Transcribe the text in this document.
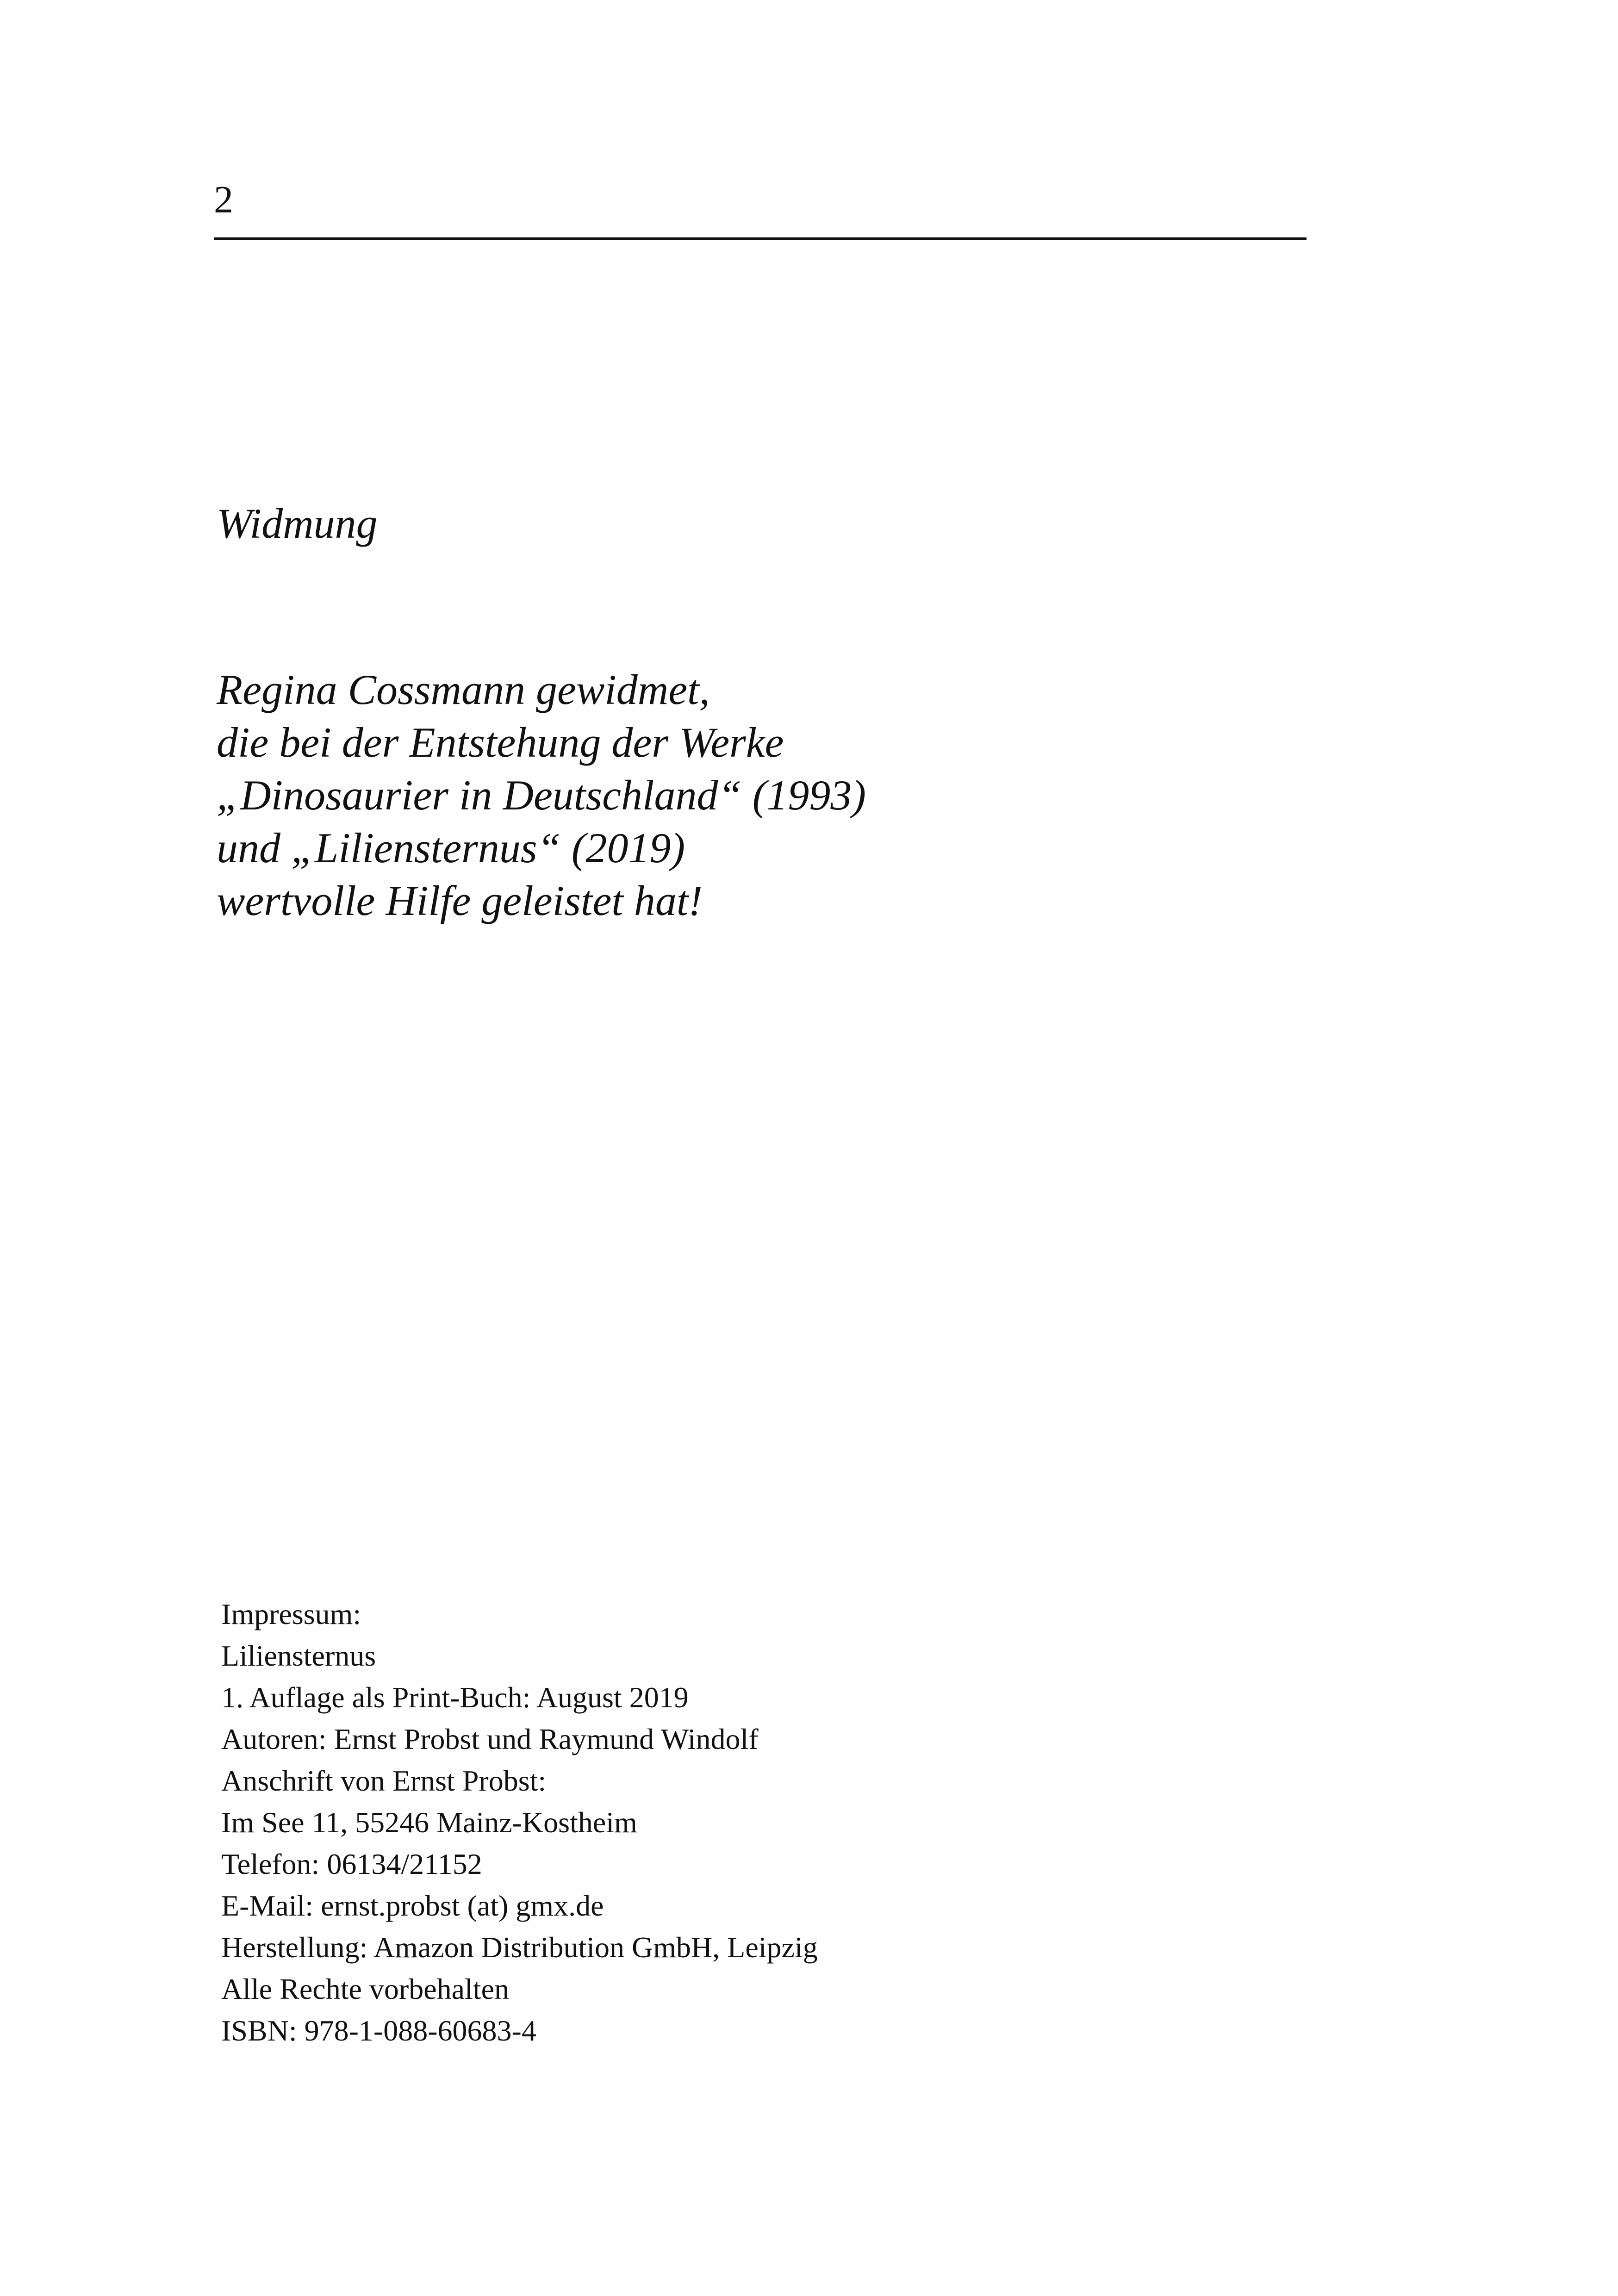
2
Widmung
Regina Cossmann gewidmet,
die bei der Entstehung der Werke
„Dinosaurier in Deutschland“ (1993)
und „Liliensternus“ (2019)
wertvolle Hilfe geleistet hat!
Impressum:
Liliensternus
1. Auflage als Print-Buch: August 2019
Autoren: Ernst Probst und Raymund Windolf
Anschrift von Ernst Probst:
Im See 11, 55246 Mainz-Kostheim
Telefon: 06134/21152
E-Mail: ernst.probst (at) gmx.de
Herstellung: Amazon Distribution GmbH, Leipzig
Alle Rechte vorbehalten
ISBN: 978-1-088-60683-4
